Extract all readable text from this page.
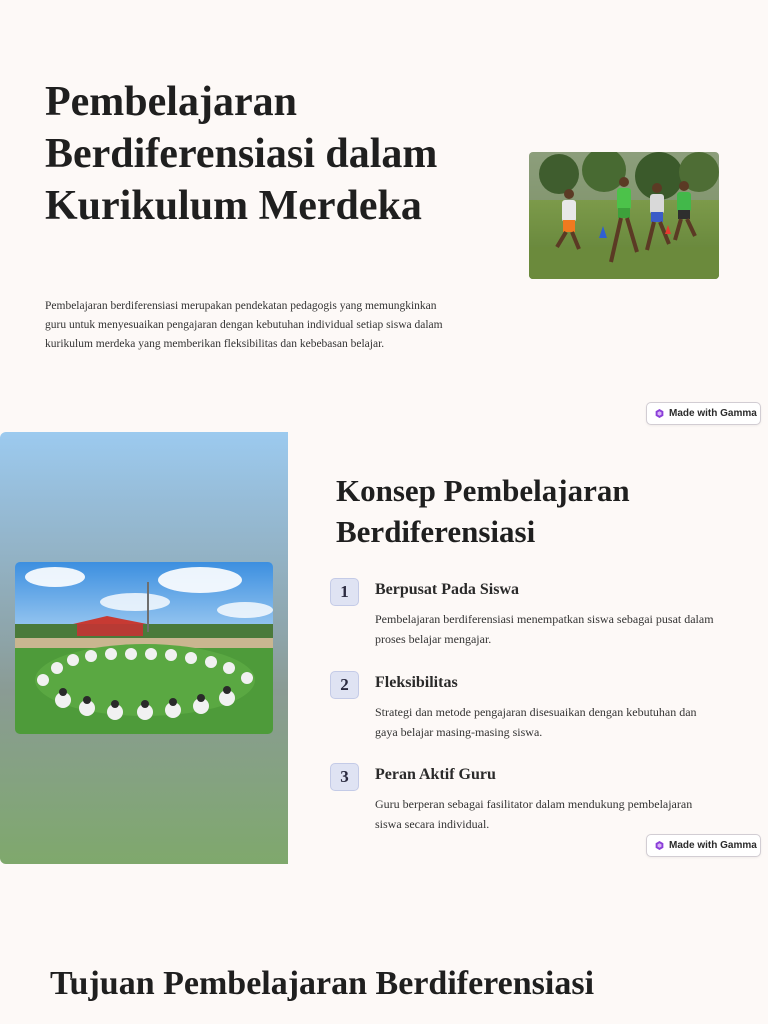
Pembelajaran Berdiferensiasi dalam Kurikulum Merdeka

Pembelajaran berdiferensiasi merupakan pendekatan pedagogis yang memungkinkan guru untuk menyesuaikan pengajaran dengan kebutuhan individual setiap siswa dalam kurikulum merdeka yang memberikan fleksibilitas dan kebebasan belajar.

Made with Gamma
Konsep Pembelajaran Berdiferensiasi
1	Berpusat Pada Siswa

Pembelajaran berdiferensiasi menempatkan siswa sebagai pusat dalam proses belajar mengajar.

2	Fleksibilitas

Strategi dan metode pengajaran disesuaikan dengan kebutuhan dan gaya belajar masing-masing siswa.

3	Peran Aktif Guru

Guru berperan sebagai fasilitator dalam mendukung pembelajaran siswa secara individual.

Made with Gamma
Tujuan Pembelajaran Berdiferensiasi
